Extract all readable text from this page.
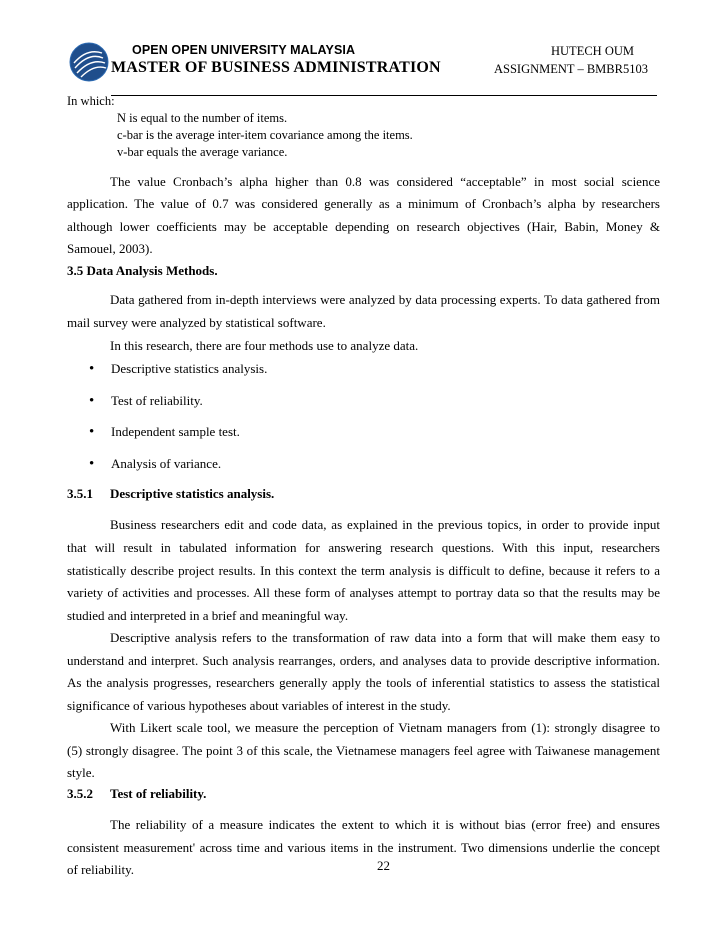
OPEN OPEN UNIVERSITY MALAYSIA
MASTER OF BUSINESS ADMINISTRATION
HUTECH OUM
ASSIGNMENT – BMBR5103
In which:
N is equal to the number of items.
c-bar is the average inter-item covariance among the items.
v-bar equals the average variance.
The value Cronbach’s alpha higher than 0.8 was considered “acceptable” in most social science
application. The value of 0.7 was considered generally as a minimum of Cronbach’s alpha by researchers
although lower coefficients may be acceptable depending on research objectives (Hair, Babin, Money &
Samouel, 2003).
3.5 Data Analysis Methods.
Data gathered from in-depth interviews were analyzed by data processing experts. To data gathered from
mail survey were analyzed by statistical software.
In this research, there are four methods use to analyze data.
• Descriptive statistics analysis.
• Test of reliability.
• Independent sample test.
• Analysis of variance.
3.5.1 Descriptive statistics analysis.
Business researchers edit and code data, as explained in the previous topics, in order to provide input
that will result in tabulated information for answering research questions. With this input, researchers
statistically describe project results. In this context the term analysis is difficult to define, because it refers to a
variety of activities and processes. All these form of analyses attempt to portray data so that the results may be
studied and interpreted in a brief and meaningful way.
Descriptive analysis refers to the transformation of raw data into a form that will make them easy to
understand and interpret. Such analysis rearranges, orders, and analyses data to provide descriptive information.
As the analysis progresses, researchers generally apply the tools of inferential statistics to assess the statistical
significance of various hypotheses about variables of interest in the study.
With Likert scale tool, we measure the perception of Vietnam managers from (1): strongly disagree to
(5) strongly disagree. The point 3 of this scale, the Vietnamese managers feel agree with Taiwanese management
style.
3.5.2 Test of reliability.
The reliability of a measure indicates the extent to which it is without bias (error free) and ensures
consistent measurement' across time and various items in the instrument. Two dimensions underlie the concept
of reliability.	22
